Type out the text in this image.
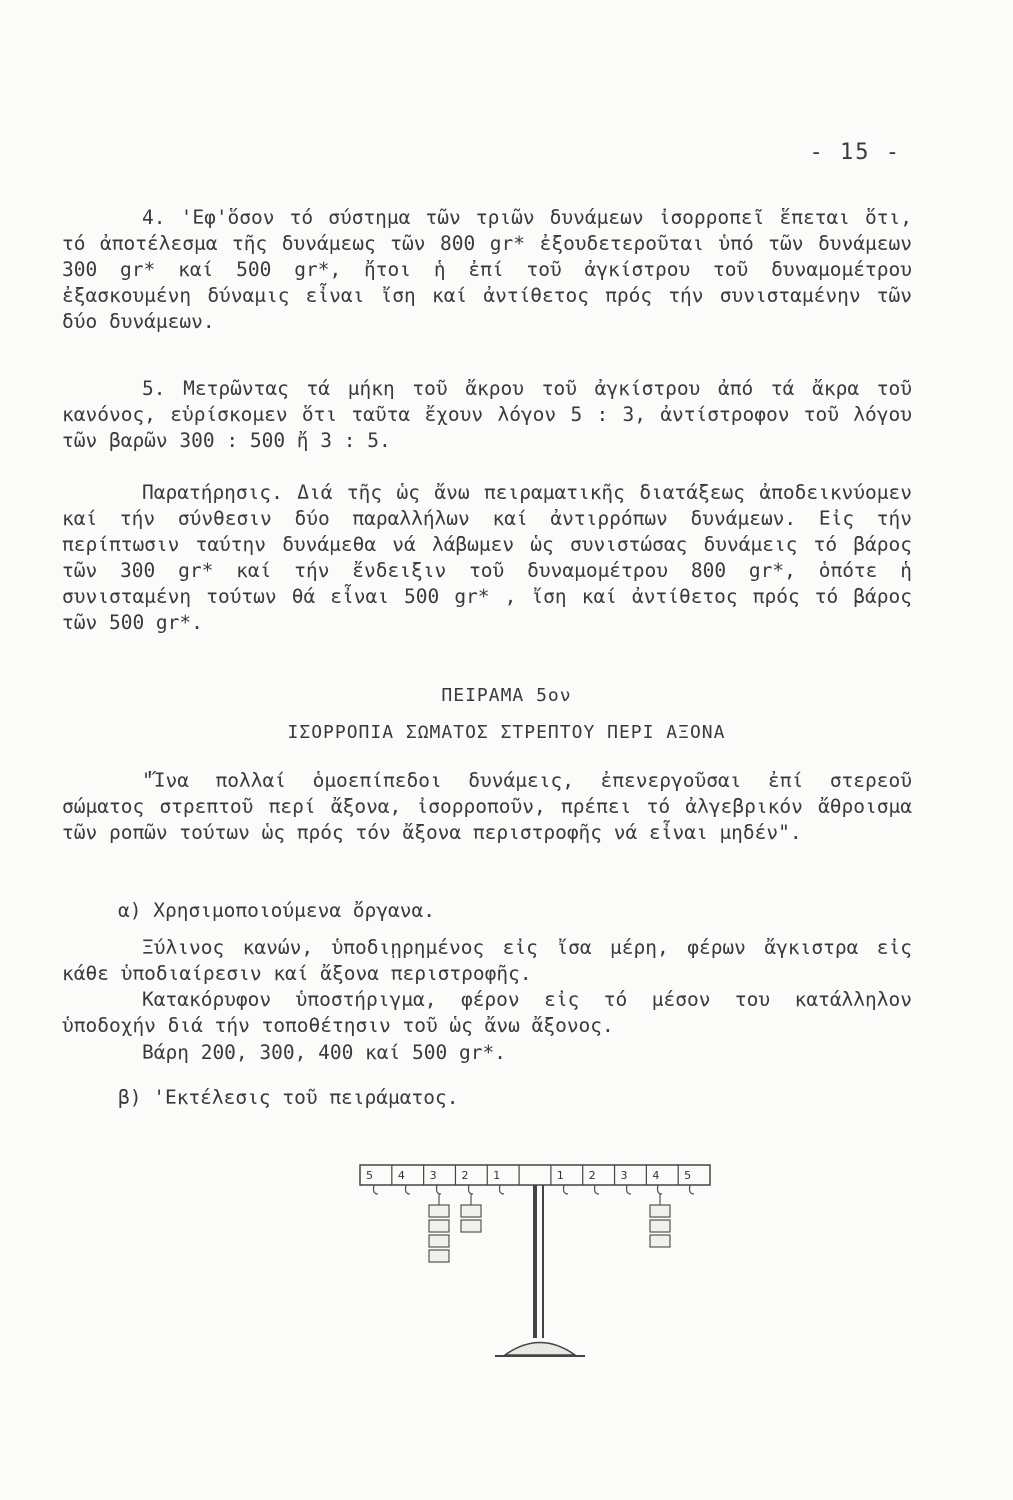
- 15 -

4. 'Εφ'ὅσον τό σύστημα τῶν τριῶν δυνάμεων ἰσορροπεῖ ἕπεται ὅτι, τό ἀποτέλεσμα τῆς δυνάμεως τῶν 800 gr* ἐξουδετεροῦται ὑπό τῶν δυνάμεων 300 gr* καί 500 gr*, ἤτοι ἡ ἐπί τοῦ ἀγκίστρου τοῦ δυναμομέτρου ἐξασκουμένη δύναμις εἶναι ἴση καί ἀντίθετος πρός τήν συνισταμένην τῶν δύο δυνάμεων.

5. Μετρῶντας τά μήκη τοῦ ἄκρου τοῦ ἀγκίστρου ἀπό τά ἄκρα τοῦ κανόνος, εὑρίσκομεν ὅτι ταῦτα ἔχουν λόγον 5 : 3, ἀντίστροφον τοῦ λόγου τῶν βαρῶν 300 : 500 ἤ 3 : 5.

Παρατήρησις. Διά τῆς ὡς ἄνω πειραματικῆς διατάξεως ἀποδεικνύομεν καί τήν σύνθεσιν δύο παραλλήλων καί ἀντιρρόπων δυνάμεων. Εἰς τήν περίπτωσιν ταύτην δυνάμεθα νά λάβωμεν ὡς συνιστώσας δυνάμεις τό βάρος τῶν 300 gr* καί τήν ἔνδειξιν τοῦ δυναμομέτρου 800 gr*, ὁπότε ἡ συνισταμένη τούτων θά εἶναι 500 gr* , ἴση καί ἀντίθετος πρός τό βάρος τῶν 500 gr*.

ΠΕΙΡΑΜΑ 5ον
ΙΣΟΡΡΟΠΙΑ ΣΩΜΑΤΟΣ ΣΤΡΕΠΤΟΥ ΠΕΡΙ ΑΞΟΝΑ

"Ἵνα πολλαί ὁμοεπίπεδοι δυνάμεις, ἐπενεργοῦσαι ἐπί στερεοῦ σώματος στρεπτοῦ περί ἄξονα, ἰσορροποῦν, πρέπει τό ἀλγεβρικόν ἄθροισμα τῶν ροπῶν τούτων ὡς πρός τόν ἄξονα περιστροφῆς νά εἶναι μηδέν".

α) Χρησιμοποιούμενα ὄργανα.

Ξύλινος κανών, ὑποδιῃρημένος εἰς ἴσα μέρη, φέρων ἄγκιστρα εἰς κάθε ὑποδιαίρεσιν καί ἄξονα περιστροφῆς.

Κατακόρυφον ὑποστήριγμα, φέρον εἰς τό μέσον του κατάλληλον ὑποδοχήν διά τήν τοποθέτησιν τοῦ ὡς ἄνω ἄξονος.

Βάρη 200, 300, 400 καί 500 gr*.

β) 'Εκτέλεσις τοῦ πειράματος.

5 4 3 2 1	1 2 3 4 5
